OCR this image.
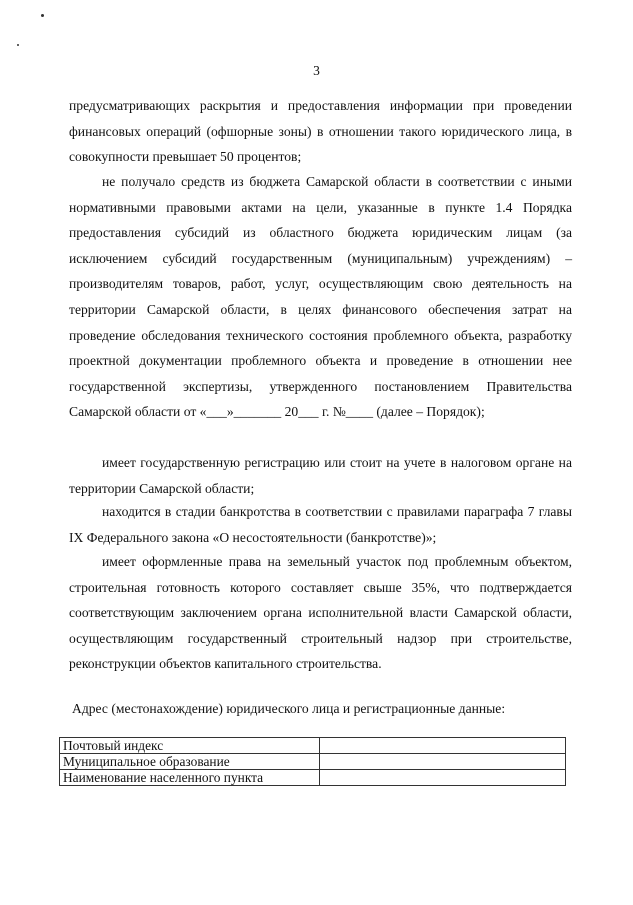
3
предусматривающих раскрытия и предоставления информации при проведении финансовых операций (офшорные зоны) в отношении такого юридического лица, в совокупности превышает 50 процентов;
не получало средств из бюджета Самарской области в соответствии с иными нормативными правовыми актами на цели, указанные в пункте 1.4 Порядка предоставления субсидий из областного бюджета юридическим лицам (за исключением субсидий государственным (муниципальным) учреждениям) – производителям товаров, работ, услуг, осуществляющим свою деятельность на территории Самарской области, в целях финансового обеспечения затрат на проведение обследования технического состояния проблемного объекта, разработку проектной документации проблемного объекта и проведение в отношении нее государственной экспертизы, утвержденного постановлением Правительства Самарской области от «___»_______ 20___ г. №____ (далее – Порядок);
имеет государственную регистрацию или стоит на учете в налоговом органе на территории Самарской области;
находится в стадии банкротства в соответствии с правилами параграфа 7 главы IX Федерального закона «О несостоятельности (банкротстве)»;
имеет оформленные права на земельный участок под проблемным объектом, строительная готовность которого составляет свыше 35%, что подтверждается соответствующим заключением органа исполнительной власти Самарской области, осуществляющим государственный строительный надзор при строительстве, реконструкции объектов капитального строительства.
Адрес (местонахождение) юридического лица и регистрационные данные:
Почтовый индекс	
Муниципальное образование	
Наименование населенного пункта	
